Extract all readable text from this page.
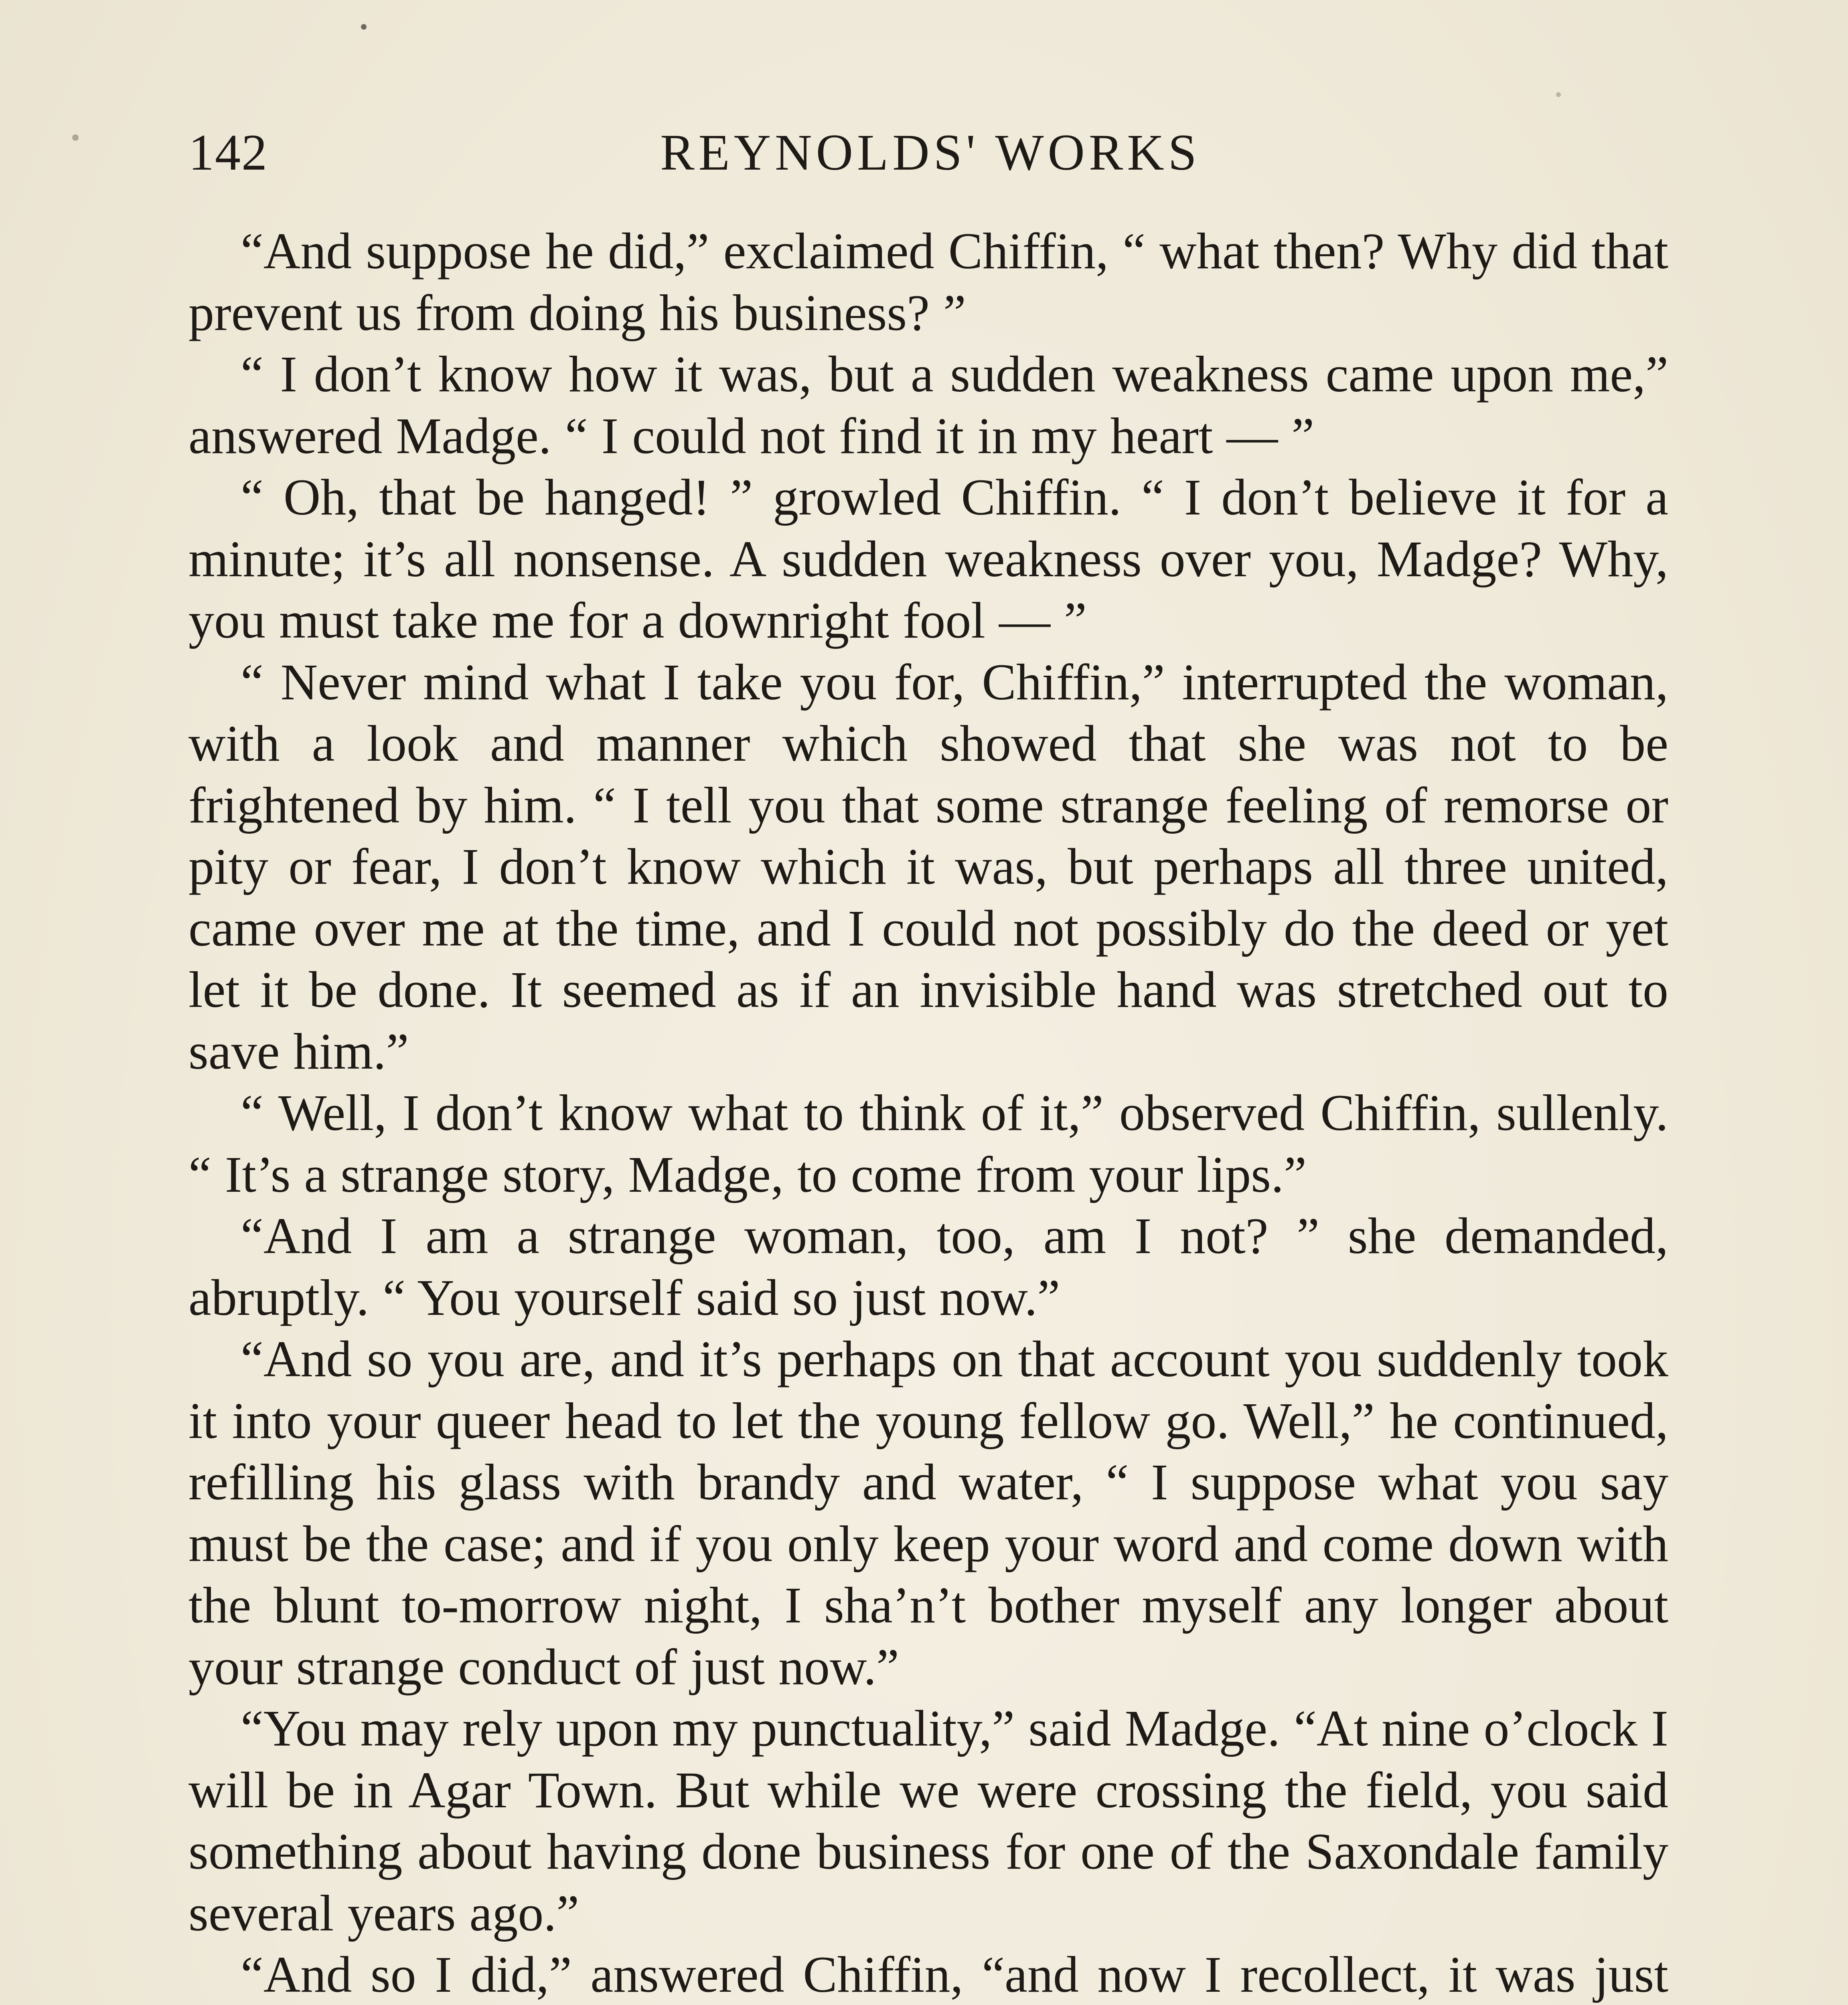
142	REYNOLDS' WORKS

“And suppose he did,” exclaimed Chiffin, “ what then? Why did that prevent us from doing his business? ”

“ I don’t know how it was, but a sudden weakness came upon me,” answered Madge. “ I could not find it in my heart — ”

“ Oh, that be hanged! ” growled Chiffin. “ I don’t believe it for a minute; it’s all nonsense. A sudden weakness over you, Madge? Why, you must take me for a downright fool — ”

“ Never mind what I take you for, Chiffin,” interrupted the woman, with a look and manner which showed that she was not to be frightened by him. “ I tell you that some strange feeling of remorse or pity or fear, I don’t know which it was, but perhaps all three united, came over me at the time, and I could not possibly do the deed or yet let it be done. It seemed as if an invisible hand was stretched out to save him.”

“ Well, I don’t know what to think of it,” observed Chiffin, sullenly. “ It’s a strange story, Madge, to come from your lips.”

“And I am a strange woman, too, am I not? ” she demanded, abruptly. “ You yourself said so just now.”

“And so you are, and it’s perhaps on that account you suddenly took it into your queer head to let the young fellow go. Well,” he continued, refilling his glass with brandy and water, “ I suppose what you say must be the case; and if you only keep your word and come down with the blunt to-morrow night, I sha’n’t bother myself any longer about your strange conduct of just now.”

“You may rely upon my punctuality,” said Madge. “At nine o’clock I will be in Agar Town. But while we were crossing the field, you said something about having done business for one of the Saxondale family several years ago.”

“And so I did,” answered Chiffin, “and now I recollect, it was just
